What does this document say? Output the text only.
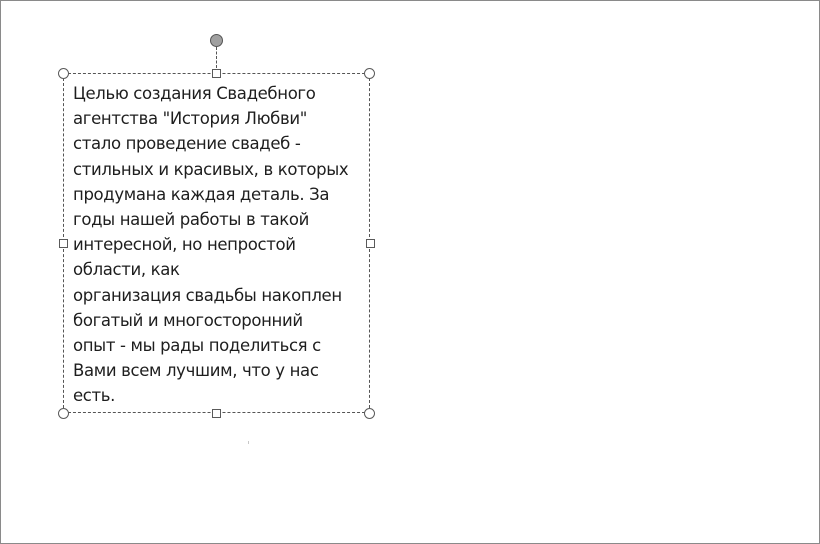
Целью создания Свадебного
агентства "История Любви"
стало проведение свадеб -
стильных и красивых, в которых
продумана каждая деталь. За
годы нашей работы в такой
интересной, но непростой
области, как
организация свадьбы накоплен
богатый и многосторонний
опыт - мы рады поделиться с
Вами всем лучшим, что у нас
есть.
